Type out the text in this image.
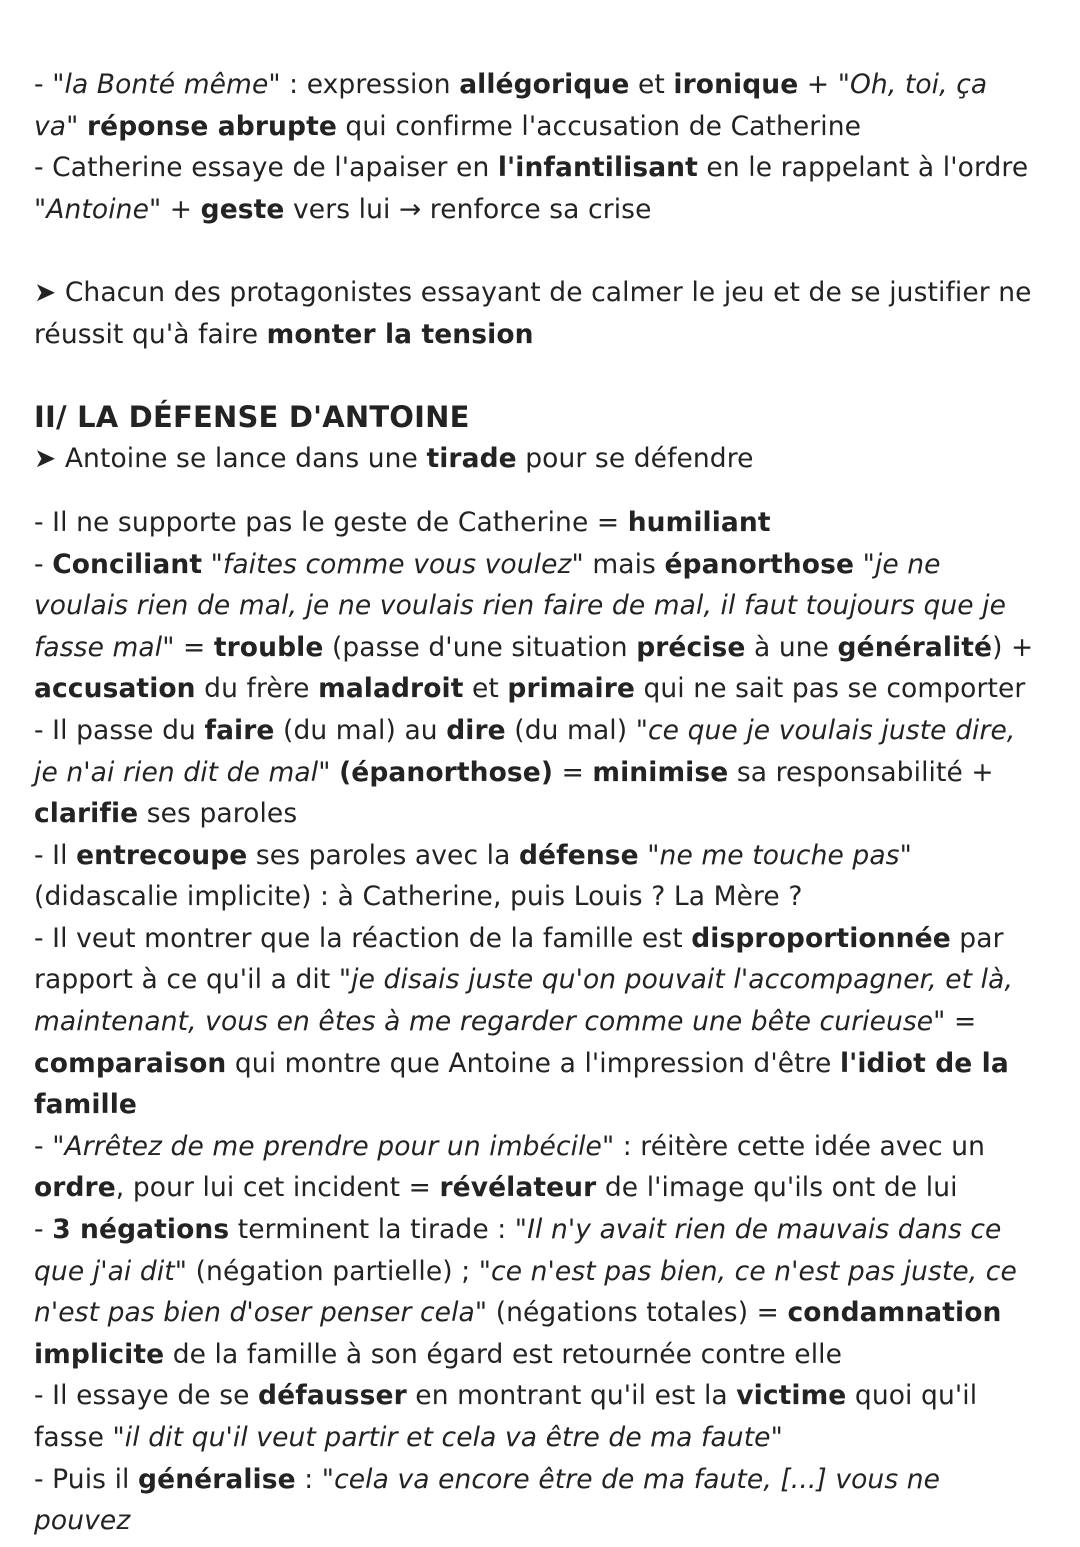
- "la Bonté même" : expression allégorique et ironique + "Oh, toi, ça va" réponse abrupte qui confirme l'accusation de Catherine

- Catherine essaye de l'apaiser en l'infantilisant en le rappelant à l'ordre "Antoine" + geste vers lui → renforce sa crise

➤ Chacun des protagonistes essayant de calmer le jeu et de se justifier ne réussit qu'à faire monter la tension

II/ LA DÉFENSE D'ANTOINE

➤ Antoine se lance dans une tirade pour se défendre

- Il ne supporte pas le geste de Catherine = humiliant

- Conciliant "faites comme vous voulez" mais épanorthose "je ne voulais rien de mal, je ne voulais rien faire de mal, il faut toujours que je fasse mal" = trouble (passe d'une situation précise à une généralité) + accusation du frère maladroit et primaire qui ne sait pas se comporter

- Il passe du faire (du mal) au dire (du mal) "ce que je voulais juste dire, je n'ai rien dit de mal" (épanorthose) = minimise sa responsabilité + clarifie ses paroles

- Il entrecoupe ses paroles avec la défense "ne me touche pas" (didascalie implicite) : à Catherine, puis Louis ? La Mère ?

- Il veut montrer que la réaction de la famille est disproportionnée par rapport à ce qu'il a dit "je disais juste qu'on pouvait l'accompagner, et là, maintenant, vous en êtes à me regarder comme une bête curieuse" = comparaison qui montre que Antoine a l'impression d'être l'idiot de la famille

- "Arrêtez de me prendre pour un imbécile" : réitère cette idée avec un ordre, pour lui cet incident = révélateur de l'image qu'ils ont de lui

- 3 négations terminent la tirade : "Il n'y avait rien de mauvais dans ce que j'ai dit" (négation partielle) ; "ce n'est pas bien, ce n'est pas juste, ce n'est pas bien d'oser penser cela" (négations totales) = condamnation implicite de la famille à son égard est retournée contre elle

- Il essaye de se défausser en montrant qu'il est la victime quoi qu'il fasse "il dit qu'il veut partir et cela va être de ma faute"

- Puis il généralise : "cela va encore être de ma faute, [...] vous ne pouvez
